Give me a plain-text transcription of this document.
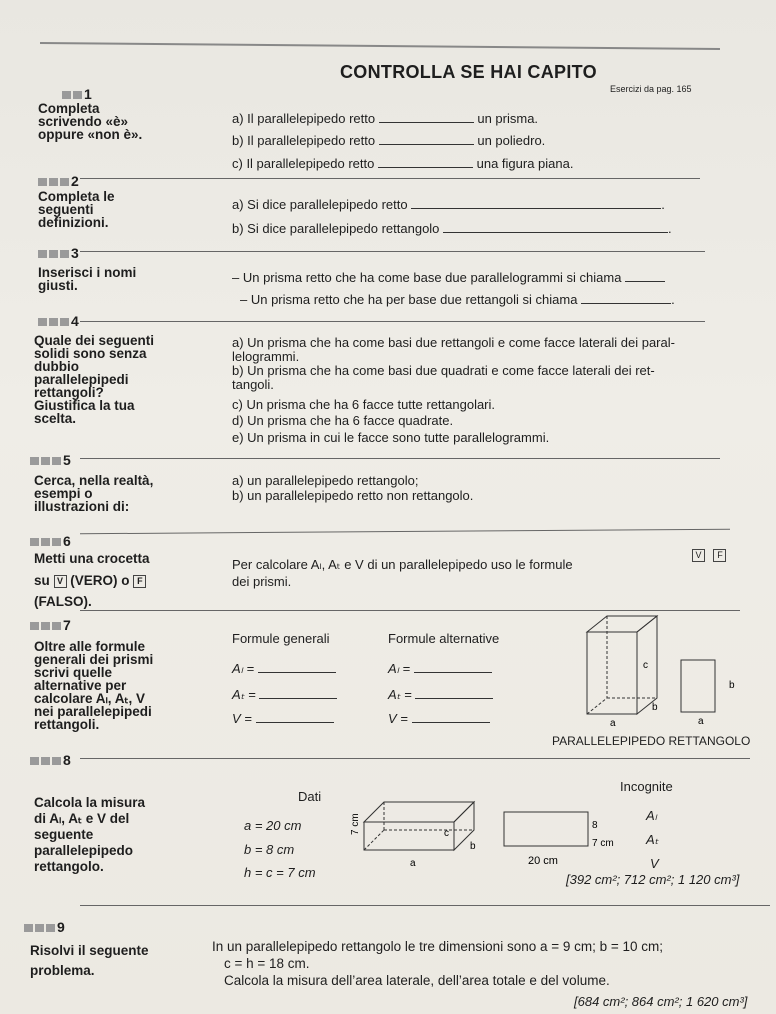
CONTROLLA SE HAI CAPITO
Esercizi da pag. 165
1
Completa
scrivendo «è»
oppure «non è».
a) Il parallelepipedo retto	un prisma.
b) Il parallelepipedo retto	un poliedro.
c) Il parallelepipedo retto	una figura piana.
2
Completa le
seguenti
definizioni.
a) Si dice parallelepipedo retto	.
b) Si dice parallelepipedo rettangolo	.
3
Inserisci i nomi
giusti.
– Un prisma retto che ha come base due parallelogrammi si chiama
– Un prisma retto che ha per base due rettangoli si chiama	.
4
Quale dei seguenti
solidi sono senza
dubbio
parallelepipedi
rettangoli?
Giustifica la tua
scelta.
a) Un prisma che ha come basi due rettangoli e come facce laterali dei paral-
lelogrammi.
b) Un prisma che ha come basi due quadrati e come facce laterali dei ret-
tangoli.
c) Un prisma che ha 6 facce tutte rettangolari.
d) Un prisma che ha 6 facce quadrate.
e) Un prisma in cui le facce sono tutte parallelogrammi.
5
Cerca, nella realtà,
esempi o
illustrazioni di:
a) un parallelepipedo rettangolo;
b) un parallelepipedo retto non rettangolo.
6
Metti una crocetta
su V (VERO) o F
(FALSO).
Per calcolare Aₗ, Aₜ e V di un parallelepipedo uso le formule
dei prismi.
V F
7
Oltre alle formule
generali dei prismi
scrivi quelle
alternative per
calcolare Aₗ, Aₜ, V
nei parallelepipedi
rettangoli.
Formule generali	Formule alternative
Aₗ =	Aₗ =
Aₜ =	Aₜ =
V =	V =
c
b
a
b
a
PARALLELEPIPEDO RETTANGOLO
8
Calcola la misura
di Aₗ, Aₜ e V del
seguente
parallelepipedo
rettangolo.
Dati
Incognite
a = 20 cm
b = 8 cm
h = c = 7 cm
7 cm	c
b
a
8
7 cm
20 cm
Aₗ
Aₜ
V
[392 cm²; 712 cm²; 1 120 cm³]
9
Risolvi il seguente
problema.
In un parallelepipedo rettangolo le tre dimensioni sono a = 9 cm; b = 10 cm;
c = h = 18 cm.
Calcola la misura dell’area laterale, dell’area totale e del volume.
[684 cm²; 864 cm²; 1 620 cm³]
